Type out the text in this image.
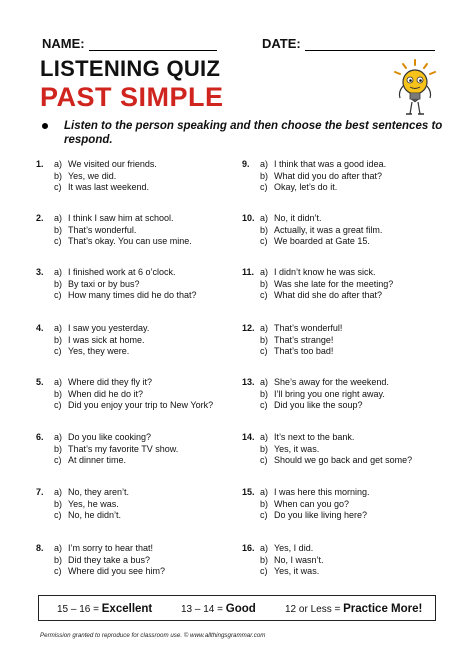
NAME:	DATE:
LISTENING QUIZ
PAST SIMPLE
Listen to the person speaking and then choose the best sentences to respond.
1. a) We visited our friends.
b) Yes, we did.
c) It was last weekend.
2. a) I think I saw him at school.
b) That’s wonderful.
c) That’s okay. You can use mine.
3. a) I finished work at 6 o’clock.
b) By taxi or by bus?
c) How many times did he do that?
4. a) I saw you yesterday.
b) I was sick at home.
c) Yes, they were.
5. a) Where did they fly it?
b) When did he do it?
c) Did you enjoy your trip to New York?
6. a) Do you like cooking?
b) That’s my favorite TV show.
c) At dinner time.
7. a) No, they aren’t.
b) Yes, he was.
c) No, he didn’t.
8. a) I’m sorry to hear that!
b) Did they take a bus?
c) Where did you see him?
9. a) I think that was a good idea.
b) What did you do after that?
c) Okay, let’s do it.
10. a) No, it didn’t.
b) Actually, it was a great film.
c) We boarded at Gate 15.
11. a) I didn’t know he was sick.
b) Was she late for the meeting?
c) What did she do after that?
12. a) That’s wonderful!
b) That’s strange!
c) That’s too bad!
13. a) She’s away for the weekend.
b) I’ll bring you one right away.
c) Did you like the soup?
14. a) It’s next to the bank.
b) Yes, it was.
c) Should we go back and get some?
15. a) I was here this morning.
b) When can you go?
c) Do you like living here?
16. a) Yes, I did.
b) No, I wasn’t.
c) Yes, it was.
15 – 16 = Excellent	13 – 14 = Good	12 or Less = Practice More!
Permission granted to reproduce for classroom use. © www.allthingsgrammar.com
